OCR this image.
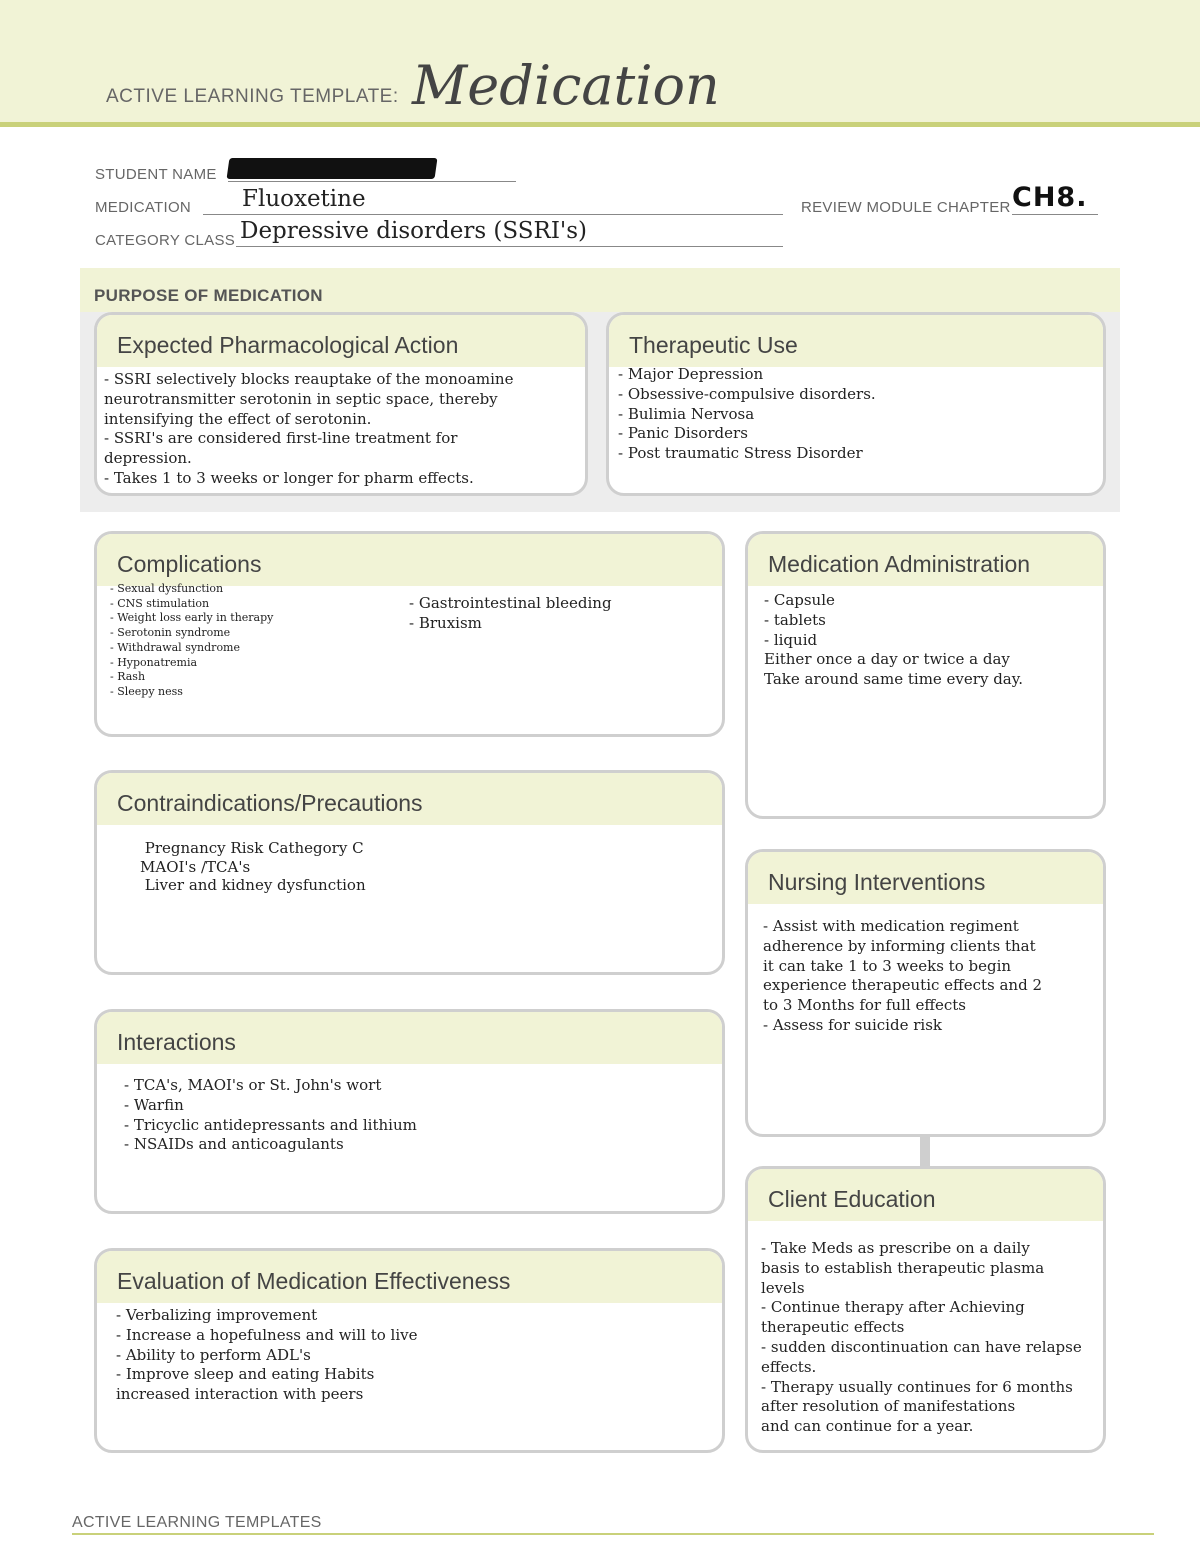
ACTIVE LEARNING TEMPLATE: Medication
STUDENT NAME
MEDICATION Fluoxetine
CATEGORY CLASS Depressive disorders (SSRI's)
REVIEW MODULE CHAPTER CH8.
PURPOSE OF MEDICATION
Expected Pharmacological Action
- SSRI selectively blocks reauptake of the monoamine
neurotransmitter serotonin in septic space, thereby
intensifying the effect of serotonin.
- SSRI's are considered first-line treatment for
depression.
- Takes 1 to 3 weeks or longer for pharm effects.
Therapeutic Use
- Major Depression
- Obsessive-compulsive disorders.
- Bulimia Nervosa
- Panic Disorders
- Post traumatic Stress Disorder
Complications
- Sexual dysfunction
- CNS stimulation
- Weight loss early in therapy
- Serotonin syndrome
- Withdrawal syndrome
- Hyponatremia
- Rash
- Sleepy ness
- Gastrointestinal bleeding
- Bruxism
Medication Administration
- Capsule
- tablets
- liquid
Either once a day or twice a day
Take around same time every day.
Contraindications/Precautions
Pregnancy Risk Cathegory C
MAOI's /TCA's
Liver and kidney dysfunction	Nursing Interventions
- Assist with medication regiment
adherence by informing clients that
it can take 1 to 3 weeks to begin
experience therapeutic effects and 2
to 3 Months for full effects
- Assess for suicide risk
Interactions
- TCA's, MAOI's or St. John's wort
- Warfin
- Tricyclic antidepressants and lithium
- NSAIDs and anticoagulants
Client Education
- Take Meds as prescribe on a daily
basis to establish therapeutic plasma
levels
- Continue therapy after Achieving
therapeutic effects
- sudden discontinuation can have relapse
effects.
- Therapy usually continues for 6 months
after resolution of manifestations
and can continue for a year.
Evaluation of Medication Effectiveness
- Verbalizing improvement
- Increase a hopefulness and will to live
- Ability to perform ADL's
- Improve sleep and eating Habits
increased interaction with peers
ACTIVE LEARNING TEMPLATES
